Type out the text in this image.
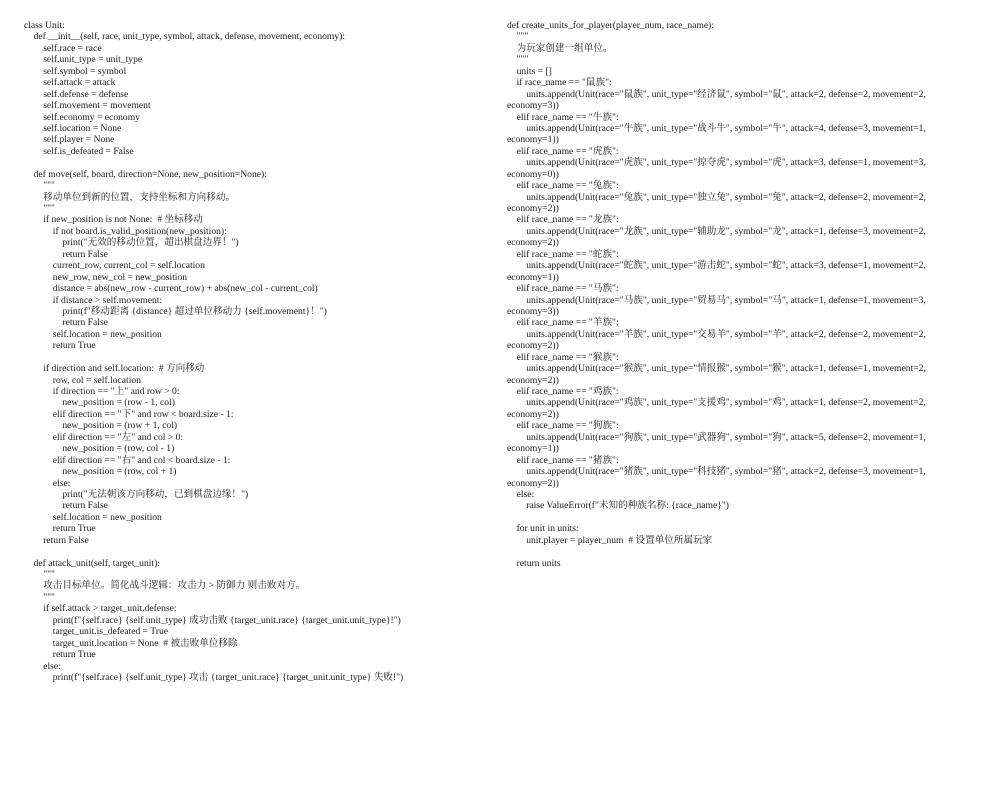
class Unit:
def __init__(self, race, unit_type, symbol, attack, defense, movement, economy):
self.race = race
self.unit_type = unit_type
self.symbol = symbol
self.attack = attack
self.defense = defense
self.movement = movement
self.economy = economy
self.location = None
self.player = None
self.is_defeated = False
def move(self, board, direction=None, new_position=None):
"""
移动单位到新的位置，支持坐标和方向移动。
"""
if new_position is not None:  # 坐标移动
if not board.is_valid_position(new_position):
print("无效的移动位置，超出棋盘边界！")
return False
current_row, current_col = self.location
new_row, new_col = new_position
distance = abs(new_row - current_row) + abs(new_col - current_col)
if distance > self.movement:
print(f"移动距离 {distance} 超过单位移动力 {self.movement}！")
return False
self.location = new_position
return True
if direction and self.location:  # 方向移动
row, col = self.location
if direction == "上" and row > 0:
new_position = (row - 1, col)
elif direction == "下" and row < board.size - 1:
new_position = (row + 1, col)
elif direction == "左" and col > 0:
new_position = (row, col - 1)
elif direction == "右" and col < board.size - 1:
new_position = (row, col + 1)
else:
print("无法朝该方向移动，已到棋盘边缘！")
return False
self.location = new_position
return True
return False
def attack_unit(self, target_unit):
"""
攻击目标单位。简化战斗逻辑：攻击力 > 防御力 则击败对方。
"""
if self.attack > target_unit.defense:
print(f"{self.race} {self.unit_type} 成功击败 {target_unit.race} {target_unit.unit_type}!")
target_unit.is_defeated = True
target_unit.location = None  # 被击败单位移除
return True
else:
print(f"{self.race} {self.unit_type} 攻击 {target_unit.race} {target_unit.unit_type} 失败!")
def create_units_for_player(player_num, race_name):
"""
为玩家创建一组单位。
"""
units = []
if race_name == "鼠族":
units.append(Unit(race="鼠族", unit_type="经济鼠", symbol="鼠", attack=2, defense=2, movement=2,
economy=3))
elif race_name == "牛族":
units.append(Unit(race="牛族", unit_type="战斗牛", symbol="牛", attack=4, defense=3, movement=1,
economy=1))
elif race_name == "虎族":
units.append(Unit(race="虎族", unit_type="掠夺虎", symbol="虎", attack=3, defense=1, movement=3,
economy=0))
elif race_name == "兔族":
units.append(Unit(race="兔族", unit_type="独立兔", symbol="兔", attack=2, defense=2, movement=2,
economy=2))
elif race_name == "龙族":
units.append(Unit(race="龙族", unit_type="辅助龙", symbol="龙", attack=1, defense=3, movement=2,
economy=2))
elif race_name == "蛇族":
units.append(Unit(race="蛇族", unit_type="游击蛇", symbol="蛇", attack=3, defense=1, movement=2,
economy=1))
elif race_name == "马族":
units.append(Unit(race="马族", unit_type="贸易马", symbol="马", attack=1, defense=1, movement=3,
economy=3))
elif race_name == "羊族":
units.append(Unit(race="羊族", unit_type="交易羊", symbol="羊", attack=2, defense=2, movement=2,
economy=2))
elif race_name == "猴族":
units.append(Unit(race="猴族", unit_type="情报猴", symbol="猴", attack=1, defense=1, movement=2,
economy=2))
elif race_name == "鸡族":
units.append(Unit(race="鸡族", unit_type="支援鸡", symbol="鸡", attack=1, defense=2, movement=2,
economy=2))
elif race_name == "狗族":
units.append(Unit(race="狗族", unit_type="武器狗", symbol="狗", attack=5, defense=2, movement=1,
economy=1))
elif race_name == "猪族":
units.append(Unit(race="猪族", unit_type="科技猪", symbol="猪", attack=2, defense=3, movement=1,
economy=2))
else:
raise ValueError(f"未知的种族名称: {race_name}")
for unit in units:
unit.player = player_num  # 设置单位所属玩家
return units
